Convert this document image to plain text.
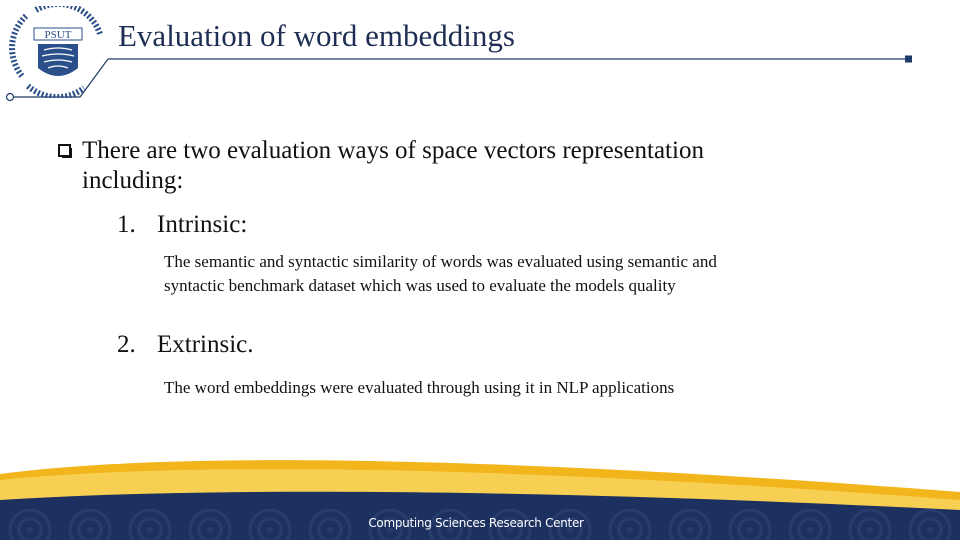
PSUT Evaluation of word embeddings

There are two evaluation ways of space vectors representation
including:

1. Intrinsic:
The semantic and syntactic similarity of words was evaluated using semantic and
syntactic benchmark dataset which was used to evaluate the models quality
2. Extrinsic.
The word embeddings were evaluated through using it in NLP applications
Computing Sciences Research Center
